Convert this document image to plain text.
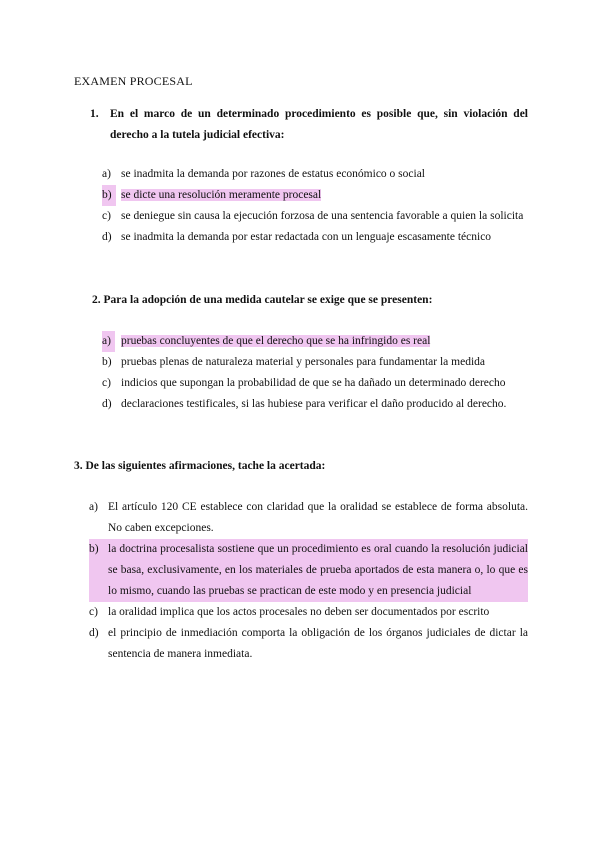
EXAMEN PROCESAL
1. En el marco de un determinado procedimiento es posible que, sin violación del derecho a la tutela judicial efectiva:
a) se inadmita la demanda por razones de estatus económico o social
b) se dicte una resolución meramente procesal
c) se deniegue sin causa la ejecución forzosa de una sentencia favorable a quien la solicita
d) se inadmita la demanda por estar redactada con un lenguaje escasamente técnico
2. Para la adopción de una medida cautelar se exige que se presenten:
a) pruebas concluyentes de que el derecho que se ha infringido es real
b) pruebas plenas de naturaleza material y personales para fundamentar la medida
c) indicios que supongan la probabilidad de que se ha dañado un determinado derecho
d) declaraciones testificales, si las hubiese para verificar el daño producido al derecho.
3. De las siguientes afirmaciones, tache la acertada:
a) El artículo 120 CE establece con claridad que la oralidad se establece de forma absoluta. No caben excepciones.
b) la doctrina procesalista sostiene que un procedimiento es oral cuando la resolución judicial se basa, exclusivamente, en los materiales de prueba aportados de esta manera o, lo que es lo mismo, cuando las pruebas se practican de este modo y en presencia judicial
c) la oralidad implica que los actos procesales no deben ser documentados por escrito
d) el principio de inmediación comporta la obligación de los órganos judiciales de dictar la sentencia de manera inmediata.
